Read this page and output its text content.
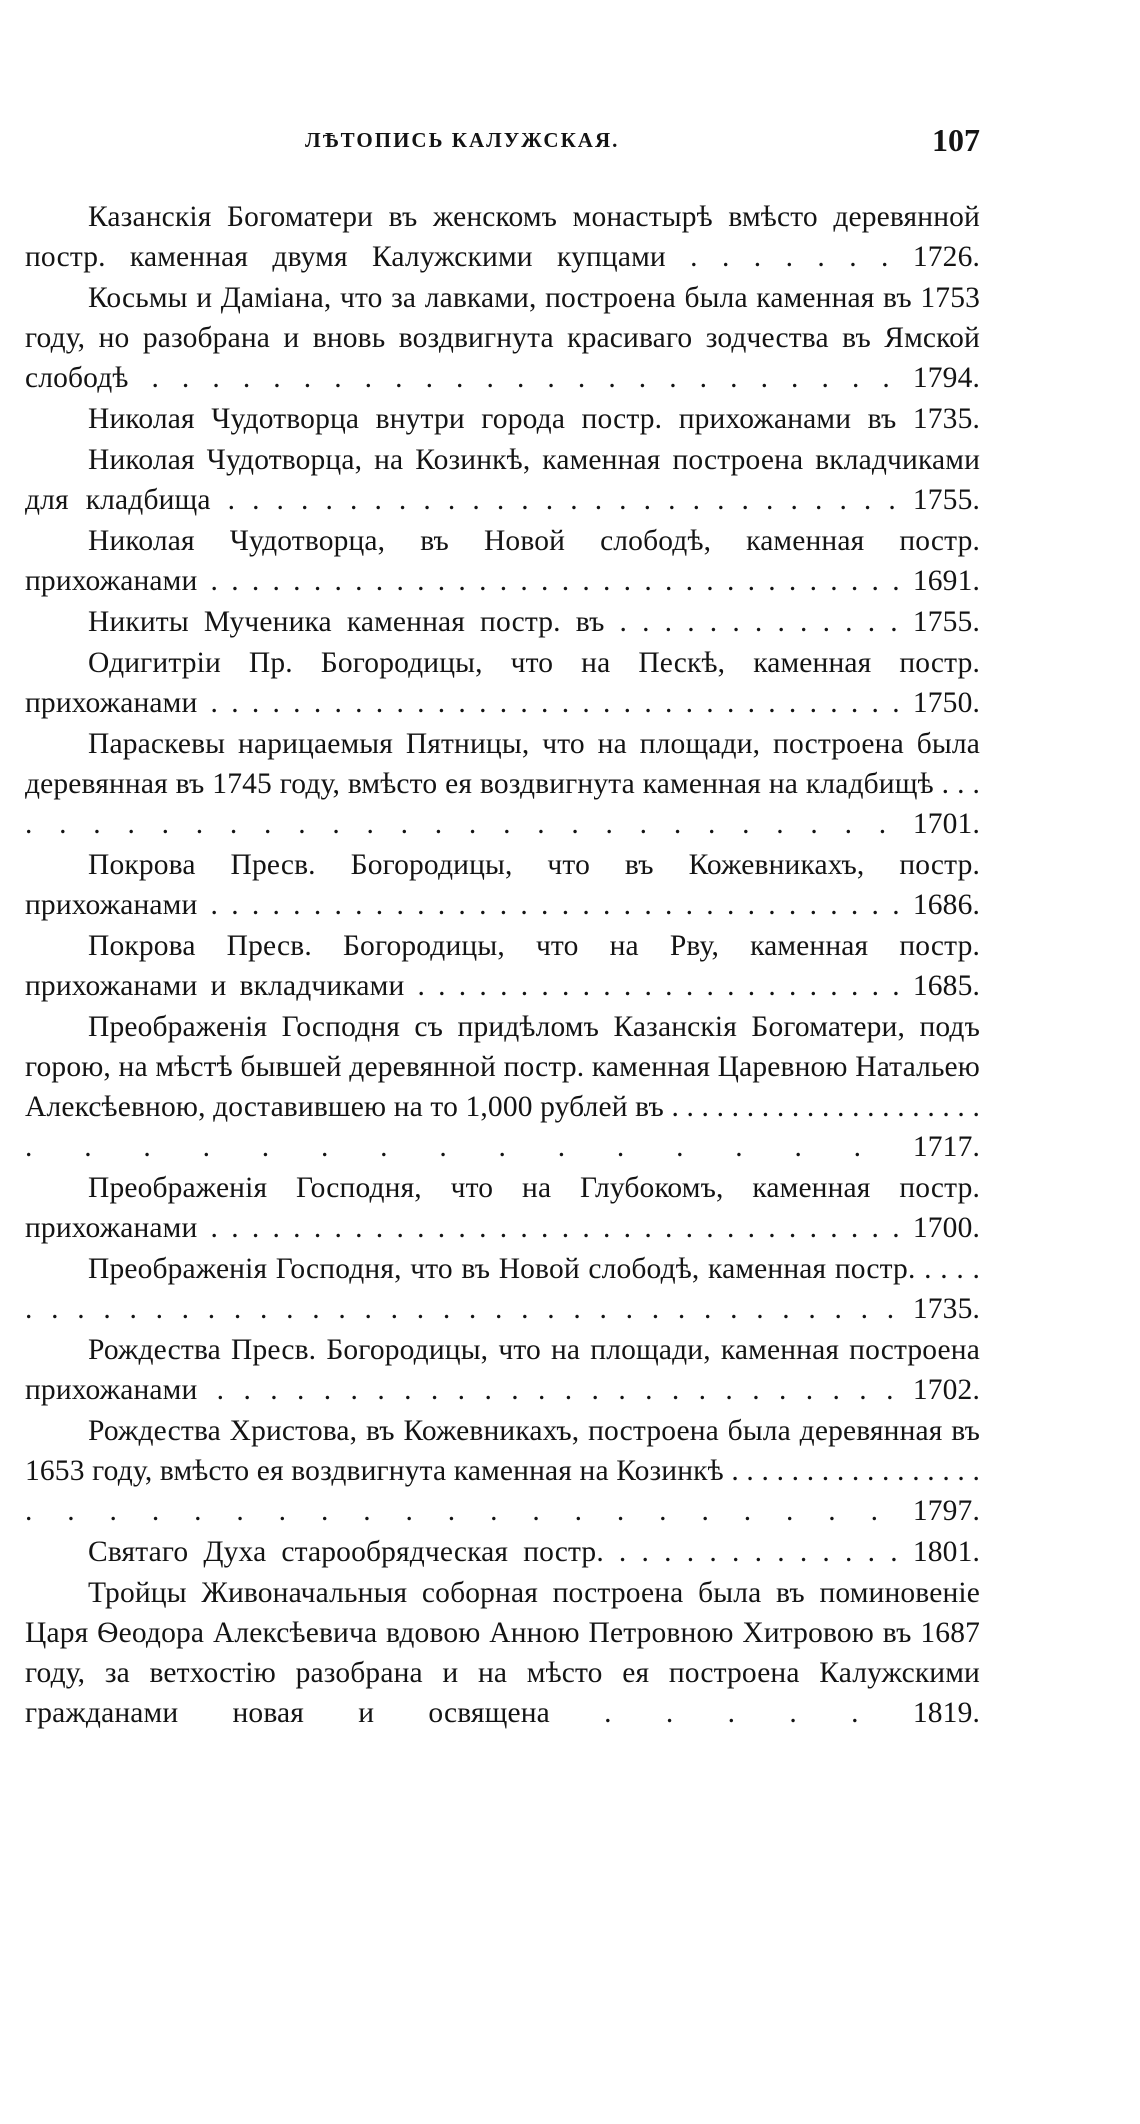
ЛѢТОПИСЬ КАЛУЖСКАЯ.	107

Казанскія Богоматери въ женскомъ монастырѣ вмѣсто деревянной постр. каменная двумя Калужскими купцами . . . . . . . 1726.

Косьмы и Даміана, что за лавками, построена была каменная въ 1753 году, но разобрана и вновь воздвигнута красиваго зодчества въ Ямской слободѣ . . . . . . . . . . . . . . . . . . . . . . . . . 1794.

Николая Чудотворца внутри города постр. прихожанами въ 1735.

Николая Чудотворца, на Козинкѣ, каменная построена вкладчиками для кладбища . . . . . . . . . . . . . . . . . . . . . . . . . . . . 1755.

Николая Чудотворца, въ Новой слободѣ, каменная постр. прихожанами . . . . . . . . . . . . . . . . . . . . . . . . . . . . . . . . . . 1691.

Никиты Мученика каменная постр. въ . . . . . . . . . . . . . 1755.

Одигитріи Пр. Богородицы, что на Пескѣ, каменная постр. прихожанами . . . . . . . . . . . . . . . . . . . . . . . . . . . . . . . . . . 1750.

Параскевы нарицаемыя Пятницы, что на площади, построена была деревянная въ 1745 году, вмѣсто ея воздвигнута каменная на кладбищѣ . . . . . . . . . . . . . . . . . . . . . . . . . . . . . 1701.

Покрова Пресв. Богородицы, что въ Кожевникахъ, постр. прихожанами . . . . . . . . . . . . . . . . . . . . . . . . . . . . . . . . . . 1686.

Покрова Пресв. Богородицы, что на Рву, каменная постр. прихожанами и вкладчиками . . . . . . . . . . . . . . . . . . . . . . . . 1685.

Преображенія Господня съ придѣломъ Казанскія Богоматери, подъ горою, на мѣстѣ бывшей деревянной постр. каменная Царевною Натальею Алексѣевною, доставившею на то 1,000 рублей въ . . . . . . . . . . . . . . . . . . . . . . . . . . . . . . . . . . . . 1717.

Преображенія Господня, что на Глубокомъ, каменная постр. прихожанами . . . . . . . . . . . . . . . . . . . . . . . . . . . . . . . . . . 1700.

Преображенія Господня, что въ Новой слободѣ, каменная постр. . . . . . . . . . . . . . . . . . . . . . . . . . . . . . . . . . . . . . . 1735.

Рождества Пресв. Богородицы, что на площади, каменная построена прихожанами . . . . . . . . . . . . . . . . . . . . . . . . . . 1702.

Рождества Христова, въ Кожевникахъ, построена была деревянная въ 1653 году, вмѣсто ея воздвигнута каменная на Козинкѣ . . . . . . . . . . . . . . . . . . . . . . . . . . . . . . . . . . . . . . 1797.

Святаго Духа старообрядческая постр. . . . . . . . . . . . . . 1801.

Тройцы Живоначальныя соборная построена была въ поминовеніе Царя Ѳеодора Алексѣевича вдовою Анною Петровною Хитровою въ 1687 году, за ветхостію разобрана и на мѣсто ея построена Калужскими гражданами новая и освящена . . . . . 1819.
